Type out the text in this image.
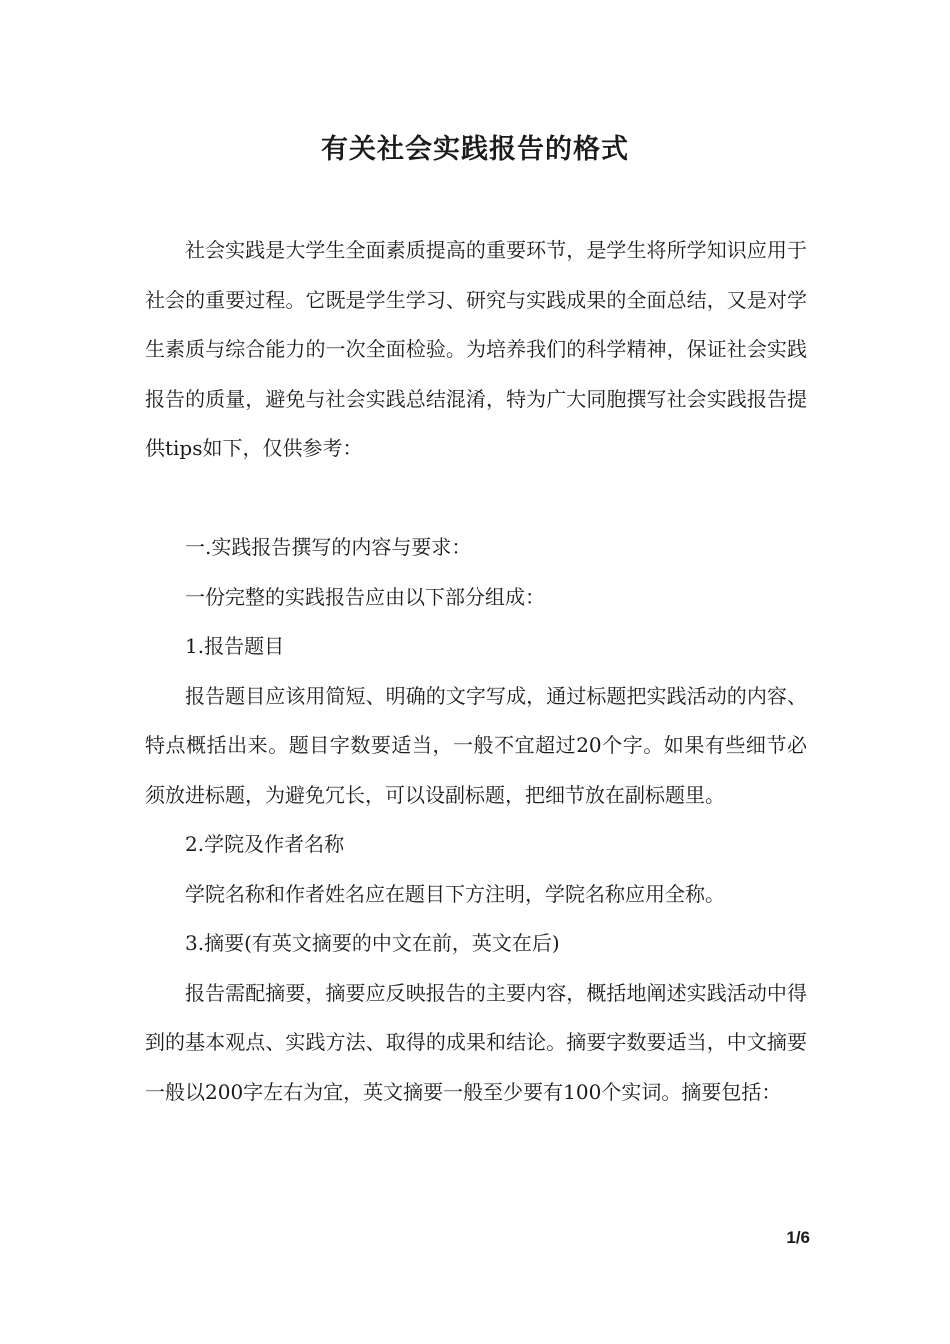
有关社会实践报告的格式

社会实践是大学生全面素质提高的重要环节，是学生将所学知识应用于社会的重要过程。它既是学生学习、研究与实践成果的全面总结，又是对学生素质与综合能力的一次全面检验。为培养我们的科学精神，保证社会实践报告的质量，避免与社会实践总结混淆，特为广大同胞撰写社会实践报告提供tips如下，仅供参考：

一.实践报告撰写的内容与要求：

一份完整的实践报告应由以下部分组成：

1.报告题目

报告题目应该用简短、明确的文字写成，通过标题把实践活动的内容、特点概括出来。题目字数要适当，一般不宜超过20个字。如果有些细节必须放进标题，为避免冗长，可以设副标题，把细节放在副标题里。

2.学院及作者名称

学院名称和作者姓名应在题目下方注明，学院名称应用全称。

3.摘要(有英文摘要的中文在前，英文在后)

报告需配摘要，摘要应反映报告的主要内容，概括地阐述实践活动中得到的基本观点、实践方法、取得的成果和结论。摘要字数要适当，中文摘要一般以200字左右为宜，英文摘要一般至少要有100个实词。摘要包括：

1/6
